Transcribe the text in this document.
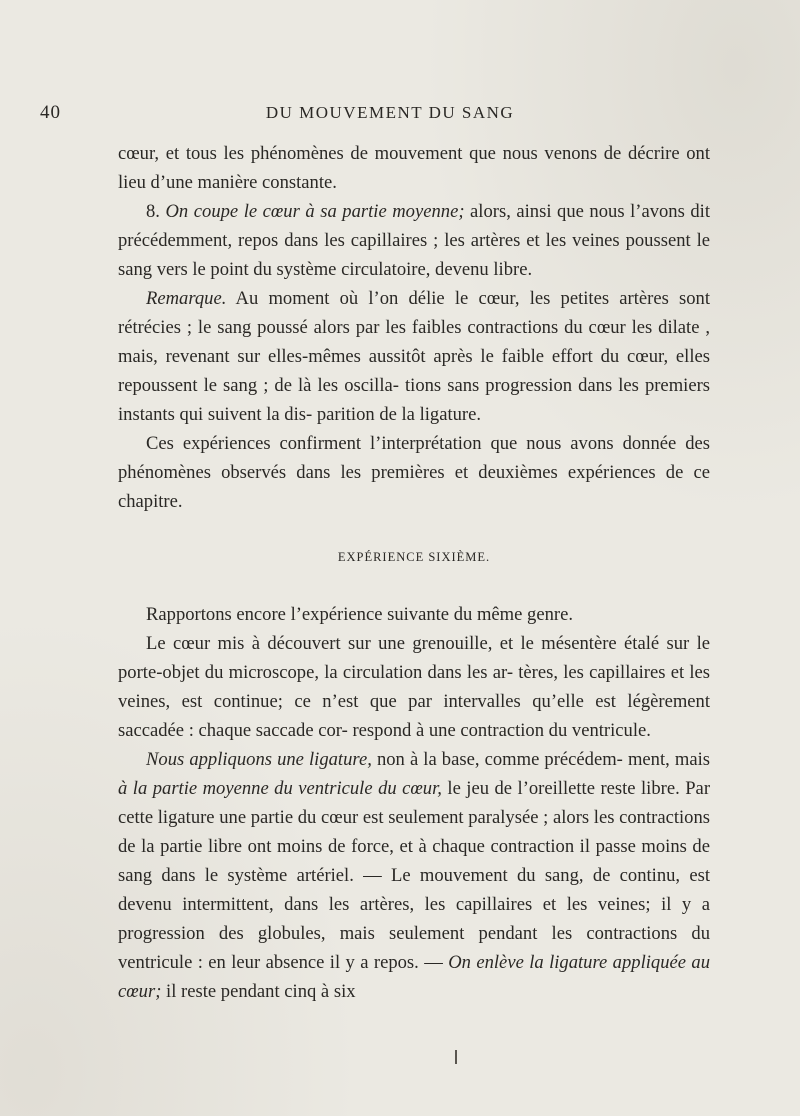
40	DU MOUVEMENT DU SANG

cœur, et tous les phénomènes de mouvement que nous venons de décrire ont lieu d’une manière constante.

8. On coupe le cœur à sa partie moyenne; alors, ainsi que nous l’avons dit précédemment, repos dans les capillaires ; les artères et les veines poussent le sang vers le point du système circulatoire, devenu libre.

Remarque. Au moment où l’on délie le cœur, les petites artères sont rétrécies ; le sang poussé alors par les faibles contractions du cœur les dilate , mais, revenant sur elles-mêmes aussitôt après le faible effort du cœur, elles repoussent le sang ; de là les oscilla- tions sans progression dans les premiers instants qui suivent la dis- parition de la ligature.

Ces expériences confirment l’interprétation que nous avons donnée des phénomènes observés dans les premières et deuxièmes expériences de ce chapitre.

EXPÉRIENCE SIXIÈME.

Rapportons encore l’expérience suivante du même genre.

Le cœur mis à découvert sur une grenouille, et le mésentère étalé sur le porte-objet du microscope, la circulation dans les ar- tères, les capillaires et les veines, est continue; ce n’est que par intervalles qu’elle est légèrement saccadée : chaque saccade cor- respond à une contraction du ventricule.

Nous appliquons une ligature, non à la base, comme précédem- ment, mais à la partie moyenne du ventricule du cœur, le jeu de l’oreillette reste libre. Par cette ligature une partie du cœur est seulement paralysée ; alors les contractions de la partie libre ont moins de force, et à chaque contraction il passe moins de sang dans le système artériel. — Le mouvement du sang, de continu, est devenu intermittent, dans les artères, les capillaires et les veines; il y a progression des globules, mais seulement pendant les contractions du ventricule : en leur absence il y a repos. — On enlève la ligature appliquée au cœur; il reste pendant cinq à six
